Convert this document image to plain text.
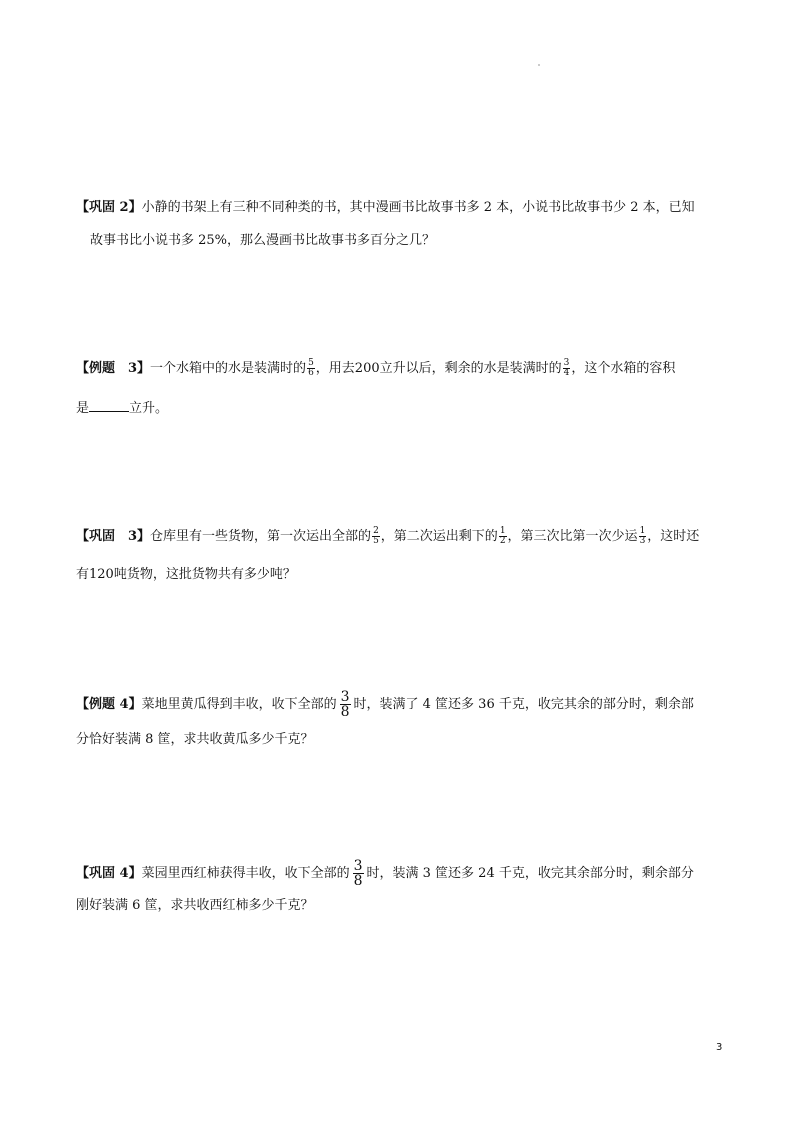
【巩固 2】小静的书架上有三种不同种类的书，其中漫画书比故事书多 2 本，小说书比故事书少 2 本，已知
故事书比小说书多 25%，那么漫画书比故事书多百分之几？
【例题　3】一个水箱中的水是装满时的 $\frac{5}{6}$ ，用去200立升以后，剩余的水是装满时的 $\frac{3}{4}$ ，这个水箱的容积
是	立升。
【巩固　3】仓库里有一些货物，第一次运出全部的 $\frac{2}{5}$ ，第二次运出剩下的 $\frac{1}{2}$ ，第三次比第一次少运 $\frac{1}{3}$ ，这时还
有120吨货物，这批货物共有多少吨？
【例题 4】菜地里黄瓜得到丰收，收下全部的 $\frac{3}{8}$ 时，装满了 4 筐还多 36 千克，收完其余的部分时，剩余部
分恰好装满 8 筐，求共收黄瓜多少千克？
【巩固 4】菜园里西红柿获得丰收，收下全部的 $\frac{3}{8}$ 时，装满 3 筐还多 24 千克，收完其余部分时，剩余部分
刚好装满 6 筐，求共收西红柿多少千克？
3
